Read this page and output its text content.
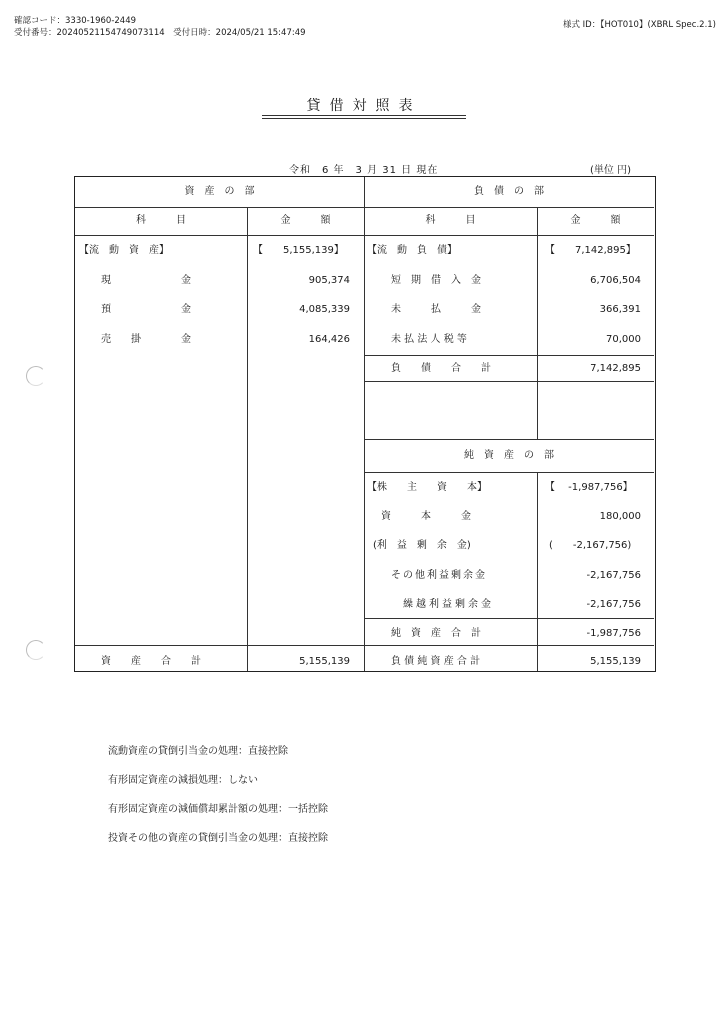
確認コード：3330-1960-2449
受付番号：20240521154749073114　受付日時：2024/05/21 15:47:49
様式 ID：【HOT010】(XBRL Spec.2.1)
貸借対照表
令和　6 年　3 月 31 日 現在	(単位 円)
資　産　の　部	負　債　の　部
科　　　目	金　　　額	科　　　目	金　　　額
【流　動　資　産】	【　　5,155,139】
現　　　　　　　金	905,374
預　　　　　　　金	4,085,339
売　　掛　　　　金	164,426
【流　動　負　債】	【　　7,142,895】
短　期　借　入　金	6,706,504
未　　　払　　　金	366,391
未 払 法 人 税 等	70,000
負　　債　　合　　計	7,142,895
純　資　産　の　部
【株　　主　　資　　本】	【　 -1,987,756】
資　　　本　　　金	180,000
(利　益　剰　余　金)	(　　-2,167,756)
その他利益剰余金	-2,167,756
繰越利益剰余金	-2,167,756
純　資　産　合　計	-1,987,756
資　　産　　合　　計	5,155,139	負 債 純 資 産 合 計	5,155,139
流動資産の貸倒引当金の処理：直接控除
有形固定資産の減損処理：しない
有形固定資産の減価償却累計額の処理：一括控除
投資その他の資産の貸倒引当金の処理：直接控除
